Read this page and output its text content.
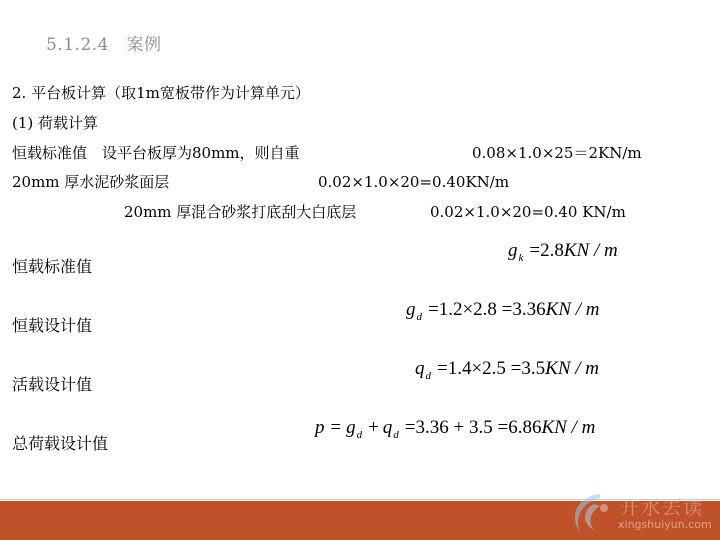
5.1.2.4　案例
2. 平台板计算（取1m宽板带作为计算单元）
(1) 荷载计算
恒载标准值　设平台板厚为80mm，则自重	0.08×1.0×25＝2KN/m
20mm 厚水泥砂浆面层	0.02×1.0×20=0.40KN/m
20mm 厚混合砂浆打底刮大白底层	0.02×1.0×20=0.40 KN/m
恒载标准值
$g_k =2.8KN / m$
恒载设计值
$g_d =1.2\times 2.8 =3.36KN / m$
活载设计值
$q_d =1.4\times 2.5 =3.5KN / m$
总荷载设计值
$p = g_d + q_d =3.36 + 3.5 =6.86KN / m$
开水去读
xingshuiyun.com
